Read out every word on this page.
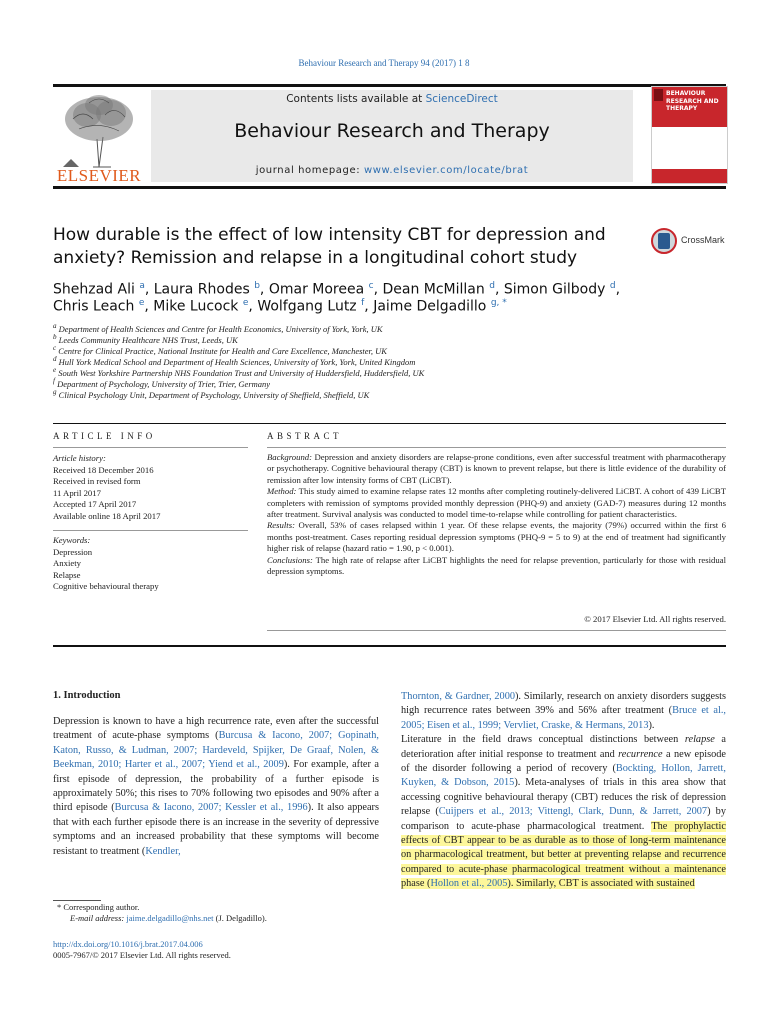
Behaviour Research and Therapy 94 (2017) 1 8
ELSEVIER
Contents lists available at ScienceDirect
Behaviour Research and Therapy
journal homepage: www.elsevier.com/locate/brat
BEHAVIOUR RESEARCH AND THERAPY
How durable is the effect of low intensity CBT for depression and anxiety? Remission and relapse in a longitudinal cohort study
CrossMark
Shehzad Ali $^a$, Laura Rhodes $^b$, Omar Moreea $^c$, Dean McMillan $^d$, Simon Gilbody $^d$,
Chris Leach $^e$, Mike Lucock $^e$, Wolfgang Lutz $^f$, Jaime Delgadillo $^{g, *}$
$^a$ Department of Health Sciences and Centre for Health Economics, University of York, York, UK
$^b$ Leeds Community Healthcare NHS Trust, Leeds, UK
$^c$ Centre for Clinical Practice, National Institute for Health and Care Excellence, Manchester, UK
$^d$ Hull York Medical School and Department of Health Sciences, University of York, York, United Kingdom
$^e$ South West Yorkshire Partnership NHS Foundation Trust and University of Huddersfield, Huddersfield, UK
$^f$ Department of Psychology, University of Trier, Trier, Germany
$^g$ Clinical Psychology Unit, Department of Psychology, University of Sheffield, Sheffield, UK
ARTICLE INFO	ABSTRACT
Article history:
Received 18 December 2016
Received in revised form
11 April 2017
Accepted 17 April 2017
Available online 18 April 2017
Keywords:
Depression
Anxiety
Relapse
Cognitive behavioural therapy

Background: Depression and anxiety disorders are relapse-prone conditions, even after successful treatment with pharmacotherapy or psychotherapy. Cognitive behavioural therapy (CBT) is known to prevent relapse, but there is little evidence of the durability of remission after low intensity forms of CBT (LiCBT).

Method: This study aimed to examine relapse rates 12 months after completing routinely-delivered LiCBT. A cohort of 439 LiCBT completers with remission of symptoms provided monthly depression (PHQ-9) and anxiety (GAD-7) measures during 12 months after treatment. Survival analysis was conducted to model time-to-relapse while controlling for patient characteristics.

Results: Overall, 53% of cases relapsed within 1 year. Of these relapse events, the majority (79%) occurred within the first 6 months post-treatment. Cases reporting residual depression symptoms (PHQ-9 = 5 to 9) at the end of treatment had significantly higher risk of relapse (hazard ratio = 1.90, p < 0.001).

Conclusions: The high rate of relapse after LiCBT highlights the need for relapse prevention, particularly for those with residual depression symptoms.

© 2017 Elsevier Ltd. All rights reserved.
1. Introduction
Depression is known to have a high recurrence rate, even after the successful treatment of acute-phase symptoms (Burcusa & Iacono, 2007; Gopinath, Katon, Russo, & Ludman, 2007; Hardeveld, Spijker, De Graaf, Nolen, & Beekman, 2010; Harter et al., 2007; Yiend et al., 2009). For example, after a first episode of depression, the probability of a further episode is approximately 50%; this rises to 70% following two episodes and 90% after a third episode (Burcusa & Iacono, 2007; Kessler et al., 1996). It also appears that with each further episode there is an increase in the severity of depressive symptoms and an increased probability that these symptoms will become resistant to treatment (Kendler,
Thornton, & Gardner, 2000). Similarly, research on anxiety disorders suggests high recurrence rates between 39% and 56% after treatment (Bruce et al., 2005; Eisen et al., 1999; Vervliet, Craske, & Hermans, 2013).
Literature in the field draws conceptual distinctions between relapse a deterioration after initial response to treatment and recurrence a new episode of the disorder following a period of recovery (Bockting, Hollon, Jarrett, Kuyken, & Dobson, 2015). Meta-analyses of trials in this area show that accessing cognitive behavioural therapy (CBT) reduces the risk of depression relapse (Cuijpers et al., 2013; Vittengl, Clark, Dunn, & Jarrett, 2007) by comparison to acute-phase pharmacological treatment. The prophylactic effects of CBT appear to be as durable as to those of long-term maintenance on pharmacological treatment, but better at preventing relapse and recurrence compared to acute-phase pharmacological treatment without a maintenance phase (Hollon et al., 2005). Similarly, CBT is associated with sustained
* Corresponding author.
E-mail address: jaime.delgadillo@nhs.net (J. Delgadillo).
http://dx.doi.org/10.1016/j.brat.2017.04.006
0005-7967/© 2017 Elsevier Ltd. All rights reserved.
